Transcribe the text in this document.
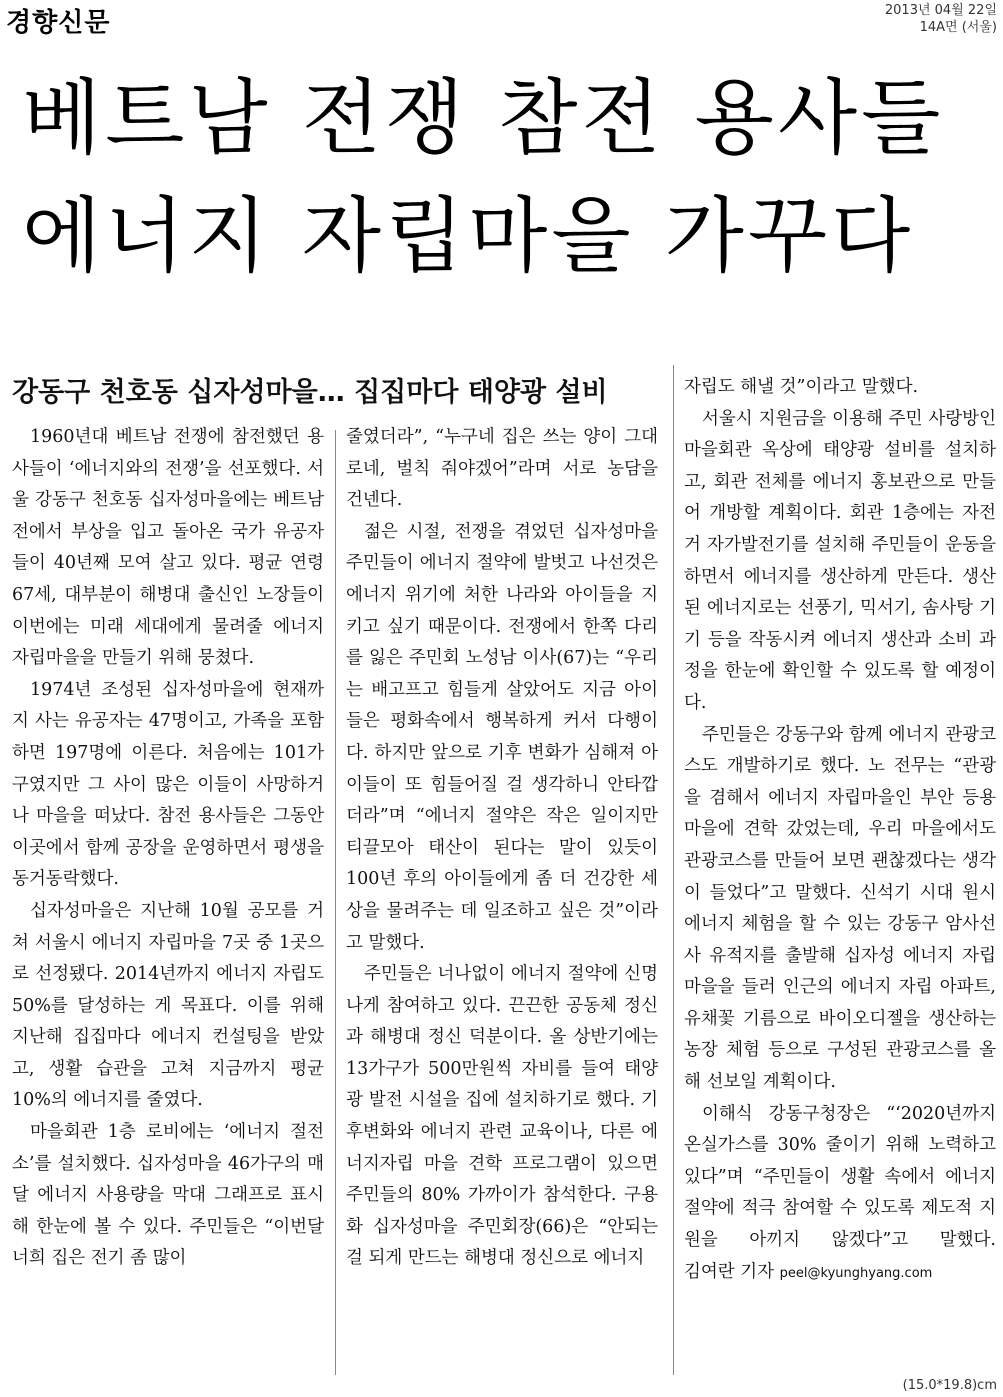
경향신문	2013년 04월 22일
14A면 (서울)
베트남 전쟁 참전 용사들
에너지 자립마을 가꾸다
강동구 천호동 십자성마을… 집집마다 태양광 설비

1960년대 베트남 전쟁에 참전했던 용사들이 ‘에너지와의 전쟁’을 선포했다. 서울 강동구 천호동 십자성마을에는 베트남전에서 부상을 입고 돌아온 국가 유공자들이 40년째 모여 살고 있다. 평균 연령 67세, 대부분이 해병대 출신인 노장들이 이번에는 미래 세대에게 물려줄 에너지 자립마을을 만들기 위해 뭉쳤다.

1974년 조성된 십자성마을에 현재까지 사는 유공자는 47명이고, 가족을 포함하면 197명에 이른다. 처음에는 101가구였지만 그 사이 많은 이들이 사망하거나 마을을 떠났다. 참전 용사들은 그동안 이곳에서 함께 공장을 운영하면서 평생을 동거동락했다.

십자성마을은 지난해 10월 공모를 거쳐 서울시 에너지 자립마을 7곳 중 1곳으로 선정됐다. 2014년까지 에너지 자립도 50%를 달성하는 게 목표다. 이를 위해 지난해 집집마다 에너지 컨설팅을 받았고, 생활 습관을 고쳐 지금까지 평균 10%의 에너지를 줄였다.

마을회관 1층 로비에는 ‘에너지 절전소’를 설치했다. 십자성마을 46가구의 매달 에너지 사용량을 막대 그래프로 표시해 한눈에 볼 수 있다. 주민들은 “이번달 너희 집은 전기 좀 많이

줄였더라”, “누구네 집은 쓰는 양이 그대로네, 벌칙 줘야겠어”라며 서로 농담을 건넨다.

젊은 시절, 전쟁을 겪었던 십자성마을 주민들이 에너지 절약에 발벗고 나선것은 에너지 위기에 처한 나라와 아이들을 지키고 싶기 때문이다. 전쟁에서 한쪽 다리를 잃은 주민회 노성남 이사(67)는 “우리는 배고프고 힘들게 살았어도 지금 아이들은 평화속에서 행복하게 커서 다행이다. 하지만 앞으로 기후 변화가 심해져 아이들이 또 힘들어질 걸 생각하니 안타깝더라”며 “에너지 절약은 작은 일이지만 티끌모아 태산이 된다는 말이 있듯이 100년 후의 아이들에게 좀 더 건강한 세상을 물려주는 데 일조하고 싶은 것”이라고 말했다.

주민들은 너나없이 에너지 절약에 신명나게 참여하고 있다. 끈끈한 공동체 정신과 해병대 정신 덕분이다. 올 상반기에는 13가구가 500만원씩 자비를 들여 태양광 발전 시설을 집에 설치하기로 했다. 기후변화와 에너지 관련 교육이나, 다른 에너지자립 마을 견학 프로그램이 있으면 주민들의 80% 가까이가 참석한다. 구용화 십자성마을 주민회장(66)은 “안되는 걸 되게 만드는 해병대 정신으로 에너지

자립도 해낼 것”이라고 말했다.

서울시 지원금을 이용해 주민 사랑방인 마을회관 옥상에 태양광 설비를 설치하고, 회관 전체를 에너지 홍보관으로 만들어 개방할 계획이다. 회관 1층에는 자전거 자가발전기를 설치해 주민들이 운동을 하면서 에너지를 생산하게 만든다. 생산된 에너지로는 선풍기, 믹서기, 솜사탕 기기 등을 작동시켜 에너지 생산과 소비 과정을 한눈에 확인할 수 있도록 할 예정이다.

주민들은 강동구와 함께 에너지 관광코스도 개발하기로 했다. 노 전무는 “관광을 겸해서 에너지 자립마을인 부안 등용마을에 견학 갔었는데, 우리 마을에서도 관광코스를 만들어 보면 괜찮겠다는 생각이 들었다”고 말했다. 신석기 시대 원시 에너지 체험을 할 수 있는 강동구 암사선사 유적지를 출발해 십자성 에너지 자립마을을 들러 인근의 에너지 자립 아파트, 유채꽃 기름으로 바이오디젤을 생산하는 농장 체험 등으로 구성된 관광코스를 올해 선보일 계획이다.

이해식 강동구청장은 “‘2020년까지 온실가스를 30% 줄이기 위해 노력하고 있다”며 “주민들이 생활 속에서 에너지 절약에 적극 참여할 수 있도록 제도적 지원을 아끼지 않겠다”고 말했다. 김여란 기자 peel@kyunghyang.com

(15.0*19.8)cm
